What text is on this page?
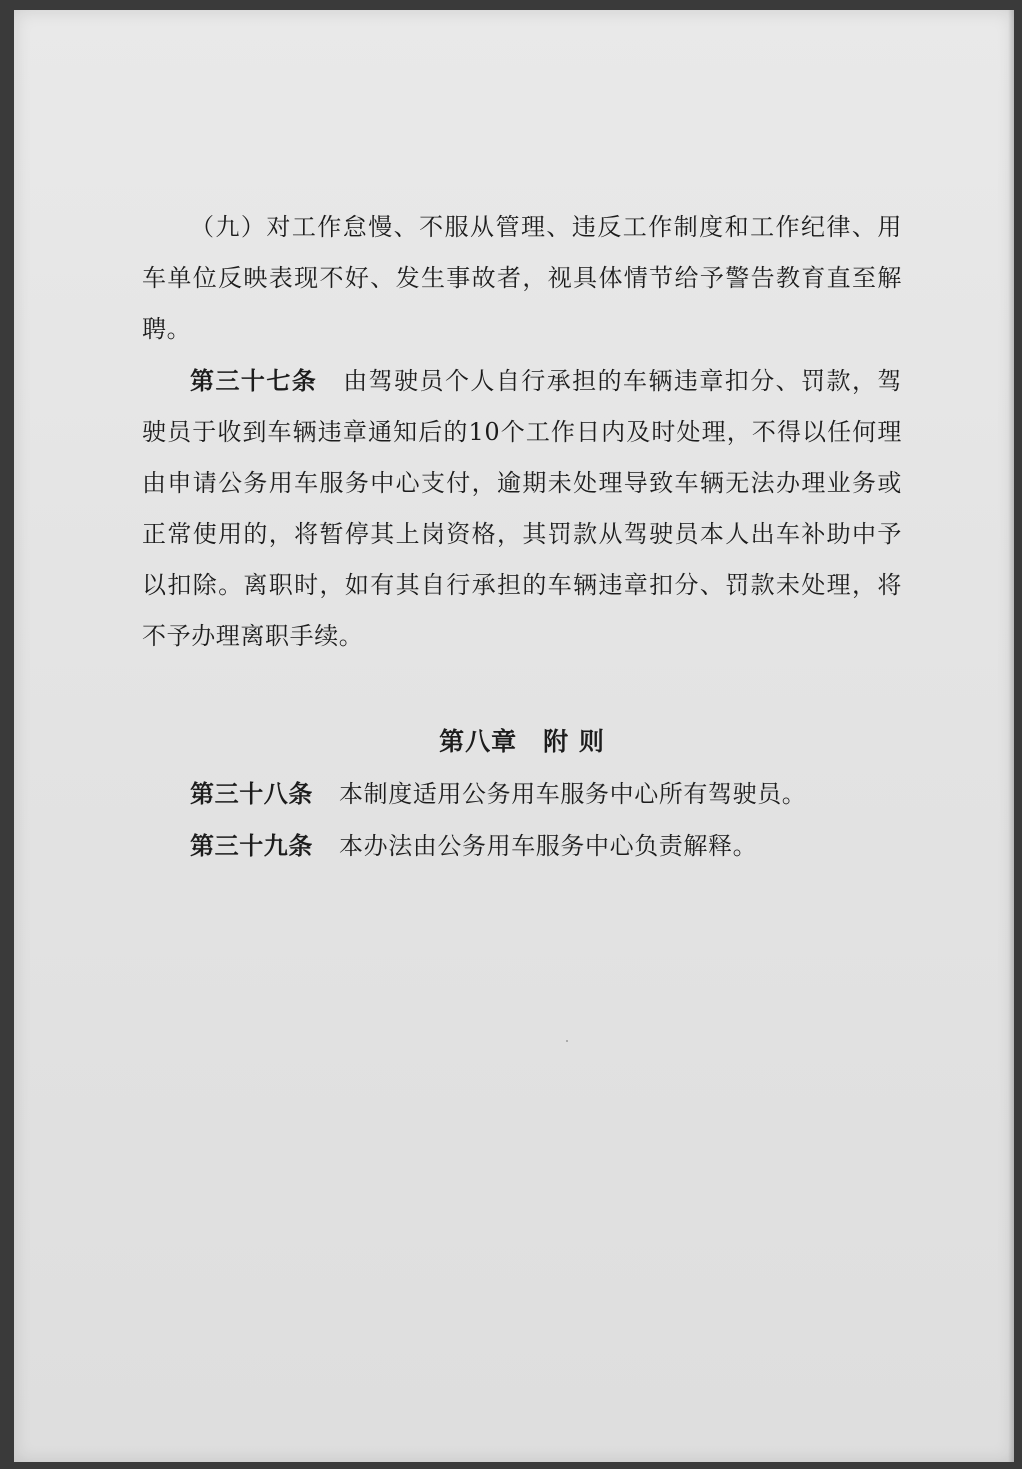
（九）对工作怠慢、不服从管理、违反工作制度和工作纪律、用车单位反映表现不好、发生事故者，视具体情节给予警告教育直至解聘。

第三十七条 由驾驶员个人自行承担的车辆违章扣分、罚款，驾驶员于收到车辆违章通知后的10个工作日内及时处理，不得以任何理由申请公务用车服务中心支付，逾期未处理导致车辆无法办理业务或正常使用的，将暂停其上岗资格，其罚款从驾驶员本人出车补助中予以扣除。离职时，如有其自行承担的车辆违章扣分、罚款未处理，将不予办理离职手续。

第八章 附 则

第三十八条 本制度适用公务用车服务中心所有驾驶员。

第三十九条 本办法由公务用车服务中心负责解释。
